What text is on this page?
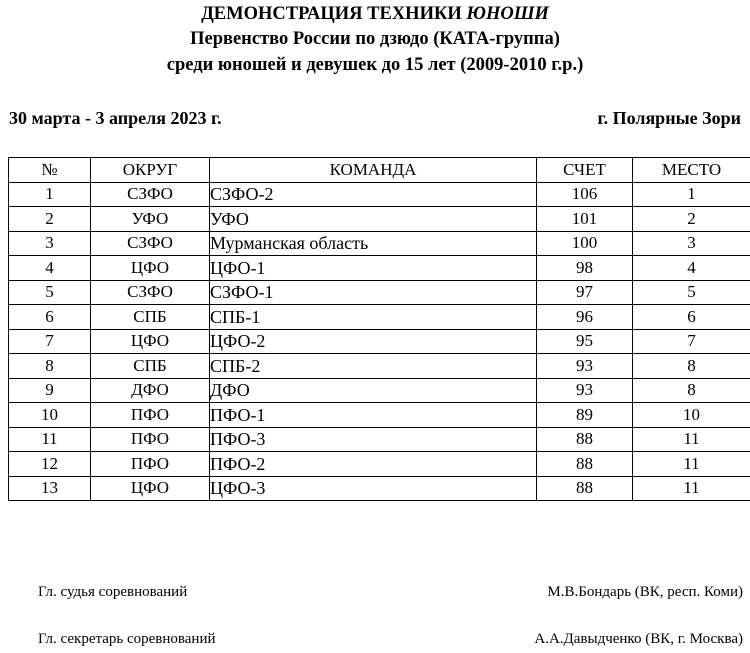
ДЕМОНСТРАЦИЯ ТЕХНИКИ ЮНОШИ
Первенство России по дзюдо (КАТА-группа)
среди юношей и девушек до 15 лет (2009-2010 г.р.)
30 марта - 3 апреля 2023 г.	г. Полярные Зори
№	ОКРУГ	КОМАНДА	СЧЕТ	МЕСТО
1	СЗФО	СЗФО-2	106	1
2	УФО	УФО	101	2
3	СЗФО	Мурманская область	100	3
4	ЦФО	ЦФО-1	98	4
5	СЗФО	СЗФО-1	97	5
6	СПБ	СПБ-1	96	6
7	ЦФО	ЦФО-2	95	7
8	СПБ	СПБ-2	93	8
9	ДФО	ДФО	93	8
10	ПФО	ПФО-1	89	10
11	ПФО	ПФО-3	88	11
12	ПФО	ПФО-2	88	11
13	ЦФО	ЦФО-3	88	11
Гл. судья соревнований	М.В.Бондарь (ВК, респ. Коми)
Гл. секретарь соревнований	А.А.Давыдченко (ВК, г. Москва)
